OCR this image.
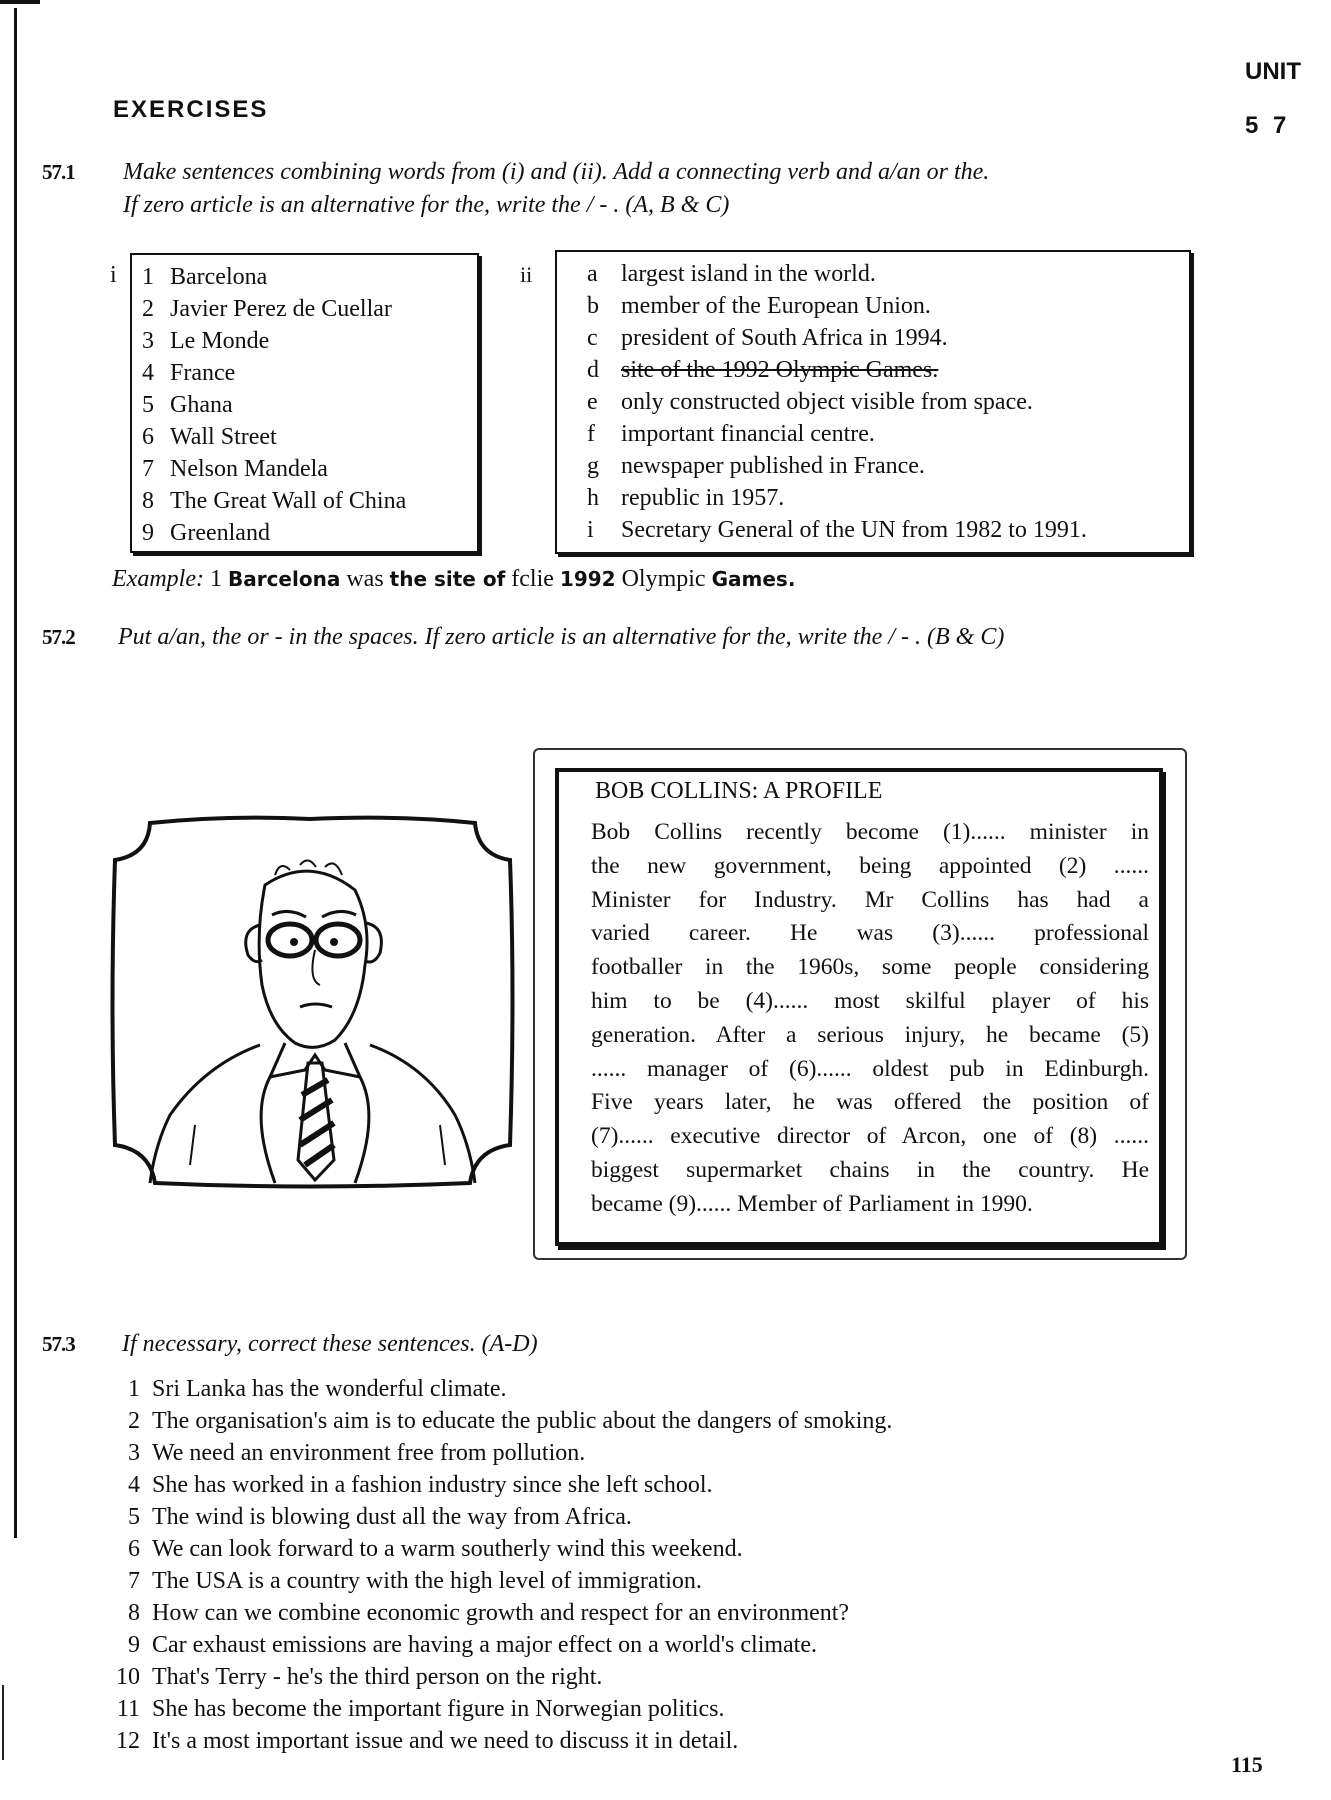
EXERCISES
UNIT
5 7
57.1 Make sentences combining words from (i) and (ii). Add a connecting verb and a/an or the.
If zero article is an alternative for the, write the / - . (A, B & C)
i 1 Barcelona
2 Javier Perez de Cuellar
3 Le Monde
4 France
5 Ghana
6 Wall Street
7 Nelson Mandela
8 The Great Wall of China
9 Greenland
ii a largest island in the world.
b member of the European Union.
c president of South Africa in 1994.
d site of the 1992 Olympic Games.
e only constructed object visible from space.
f important financial centre.
g newspaper published in France.
h republic in 1957.
i Secretary General of the UN from 1982 to 1991.
Example: 1 Barcelona was the site of fclie 1992 Olympic Games.
57.2 Put a/an, the or - in the spaces. If zero article is an alternative for the, write the / - . (B & C)
BOB COLLINS: A PROFILE
Bob Collins recently become (1)...... minister in
the new government, being appointed (2) ......
Minister for Industry. Mr Collins has had a
varied career. He was (3)...... professional
footballer in the 1960s, some people considering
him to be (4)...... most skilful player of his
generation. After a serious injury, he became (5)
...... manager of (6)...... oldest pub in Edinburgh.
Five years later, he was offered the position of
(7)...... executive director of Arcon, one of (8) ......
biggest supermarket chains in the country. He
became (9)...... Member of Parliament in 1990.
57.3 If necessary, correct these sentences. (A-D)
1 Sri Lanka has the wonderful climate.
2 The organisation's aim is to educate the public about the dangers of smoking.
3 We need an environment free from pollution.
4 She has worked in a fashion industry since she left school.
5 The wind is blowing dust all the way from Africa.
6 We can look forward to a warm southerly wind this weekend.
7 The USA is a country with the high level of immigration.
8 How can we combine economic growth and respect for an environment?
9 Car exhaust emissions are having a major effect on a world's climate.
10 That's Terry - he's the third person on the right.
11 She has become the important figure in Norwegian politics.
12 It's a most important issue and we need to discuss it in detail.
115
